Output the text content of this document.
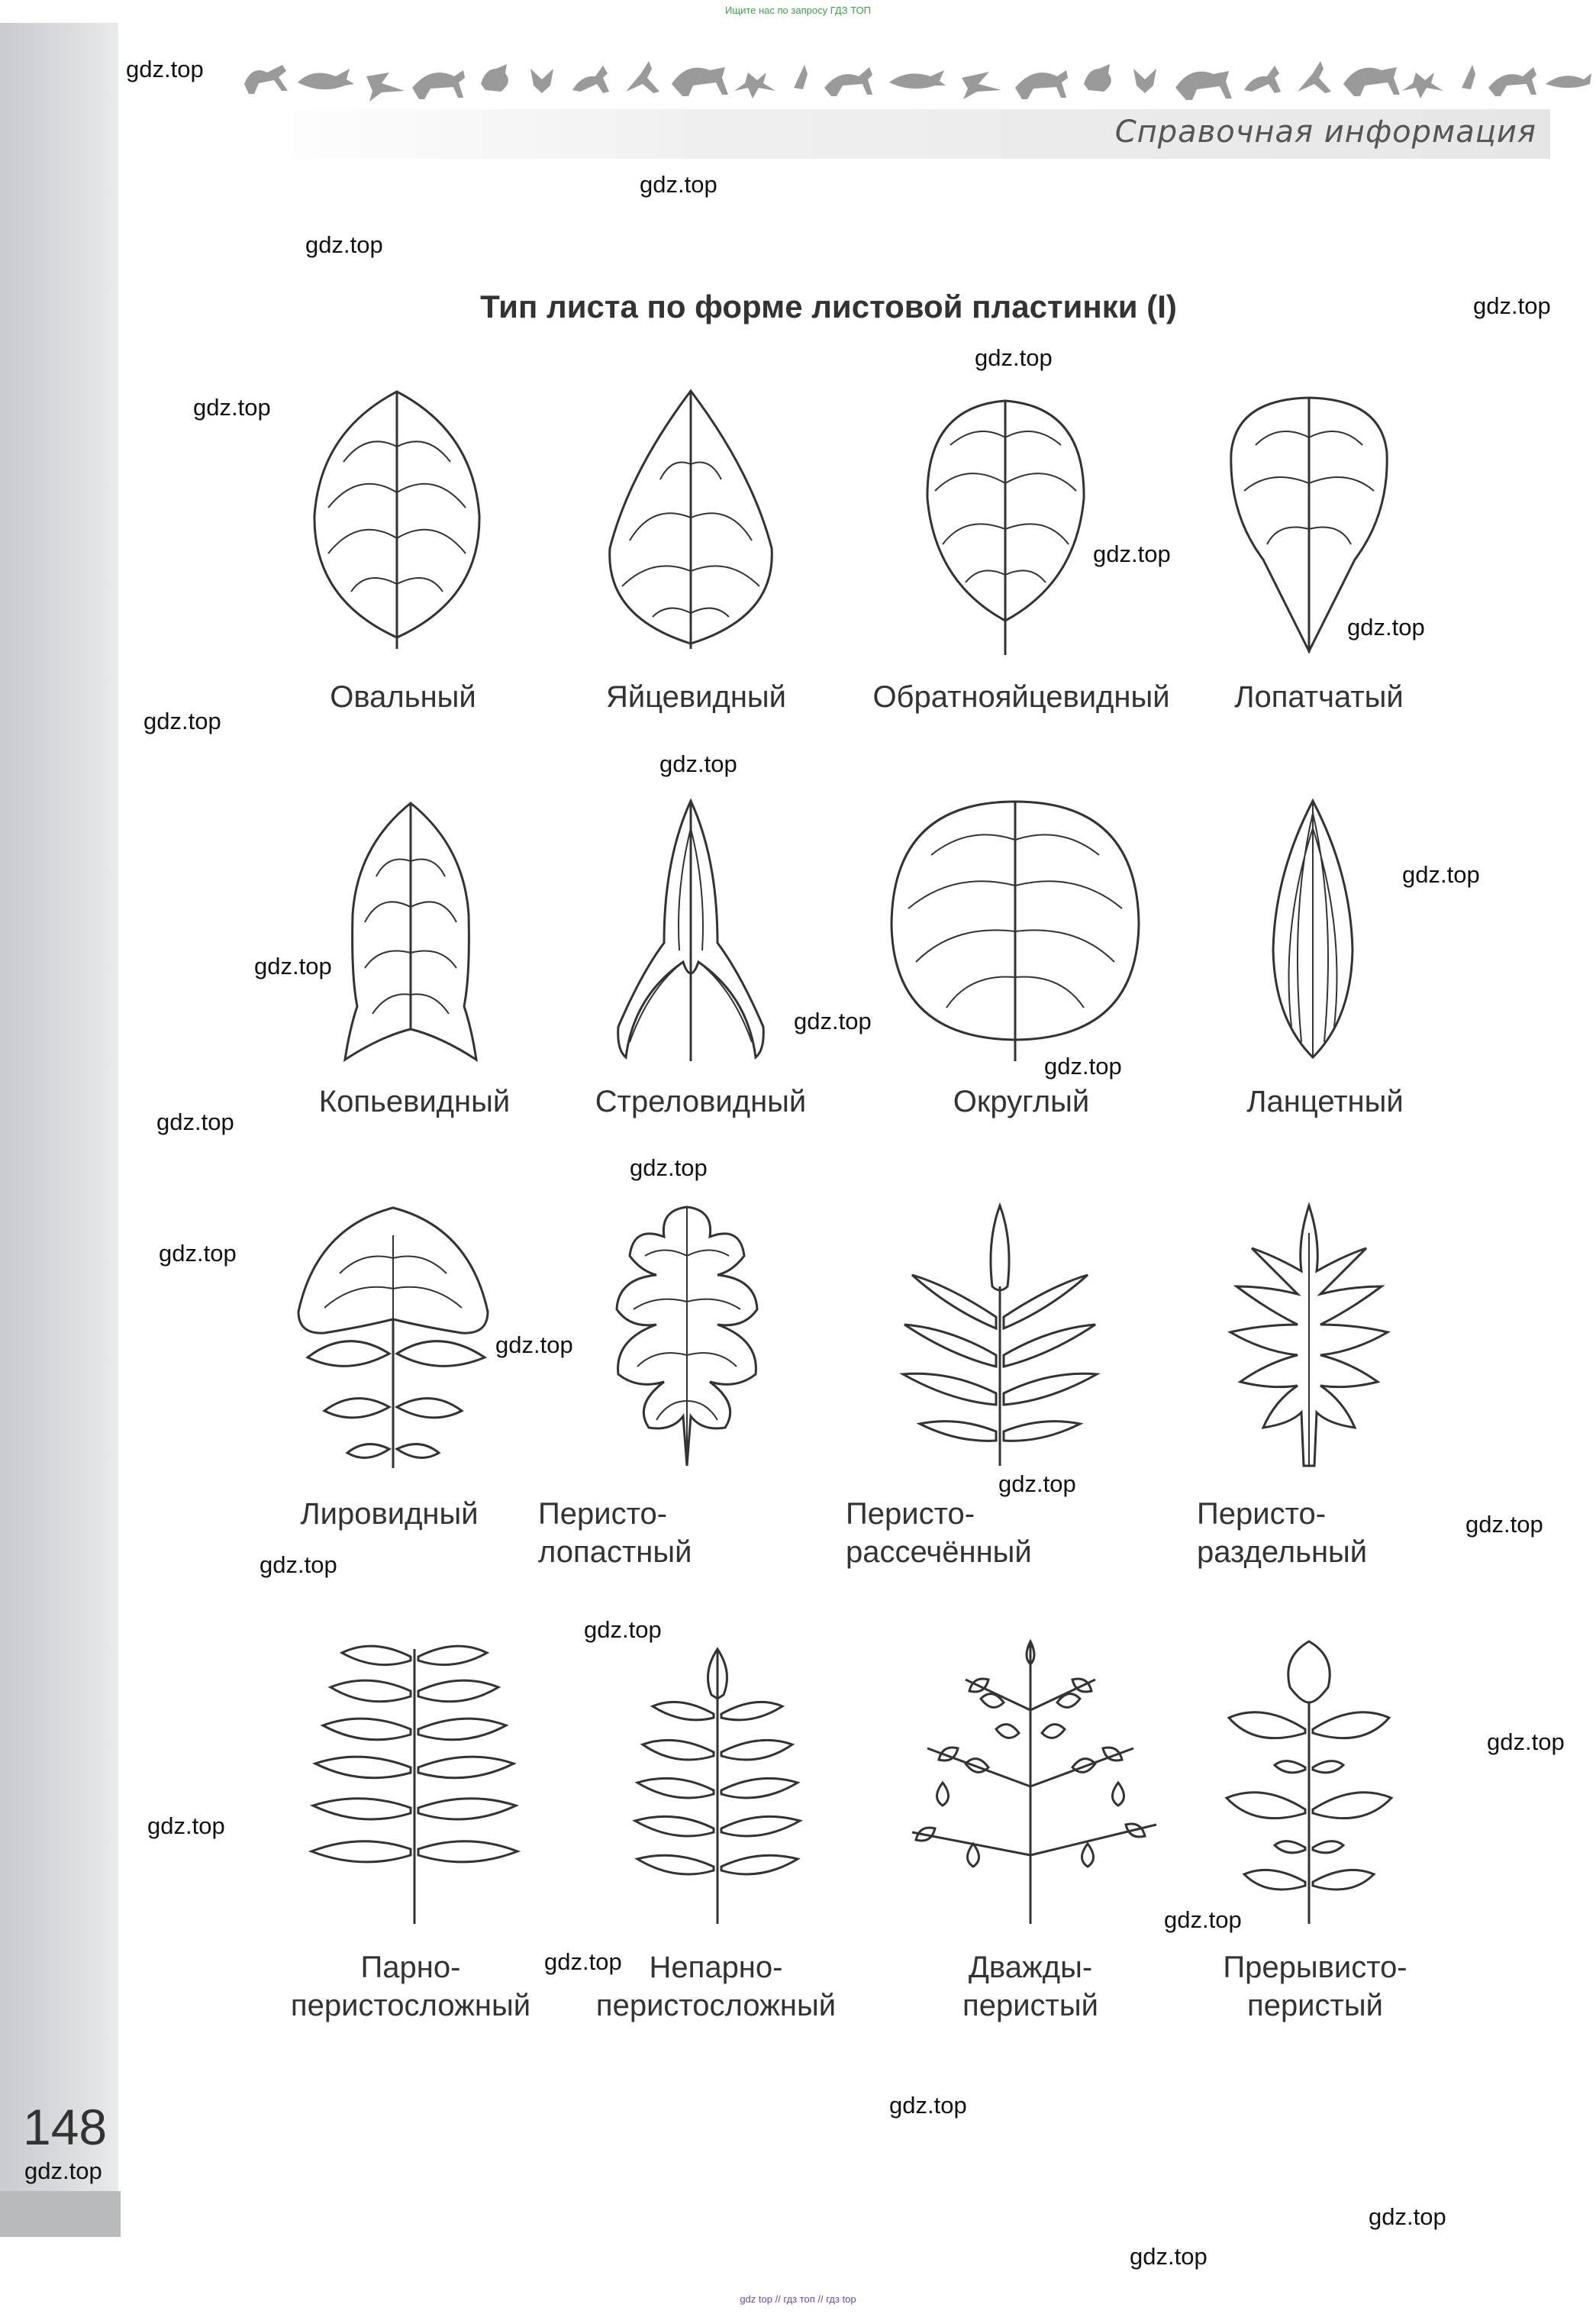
Ищите нас по запросу ГДЗ ТОП
Справочная информация
Тип листа по форме листовой пластинки (I)
Овальный	Яйцевидный	Обратнояйцевидный Лопатчатый
Копьевидный	Стреловидный	Округлый	Ланцетный
Лировидный Перисто-
лопастный
Перисто-
рассечённый
Перисто-
раздельный
Парно-
перистосложный
Непарно-
перистосложный
Дважды-
перистый
Прерывисто-
перистый
148
gdz.top
gdz.top
gdz.top
gdz.top
gdz.top
gdz.top
gdz.top
gdz.top
gdz.top
gdz.top
gdz.top
gdz.top
gdz.top
gdz.top
gdz.top
gdz.top
gdz.top
gdz.top
gdz.top
gdz.top
gdz.top
gdz.top
gdz.top
gdz.top
gdz.top
gdz.top
gdz.top
gdz.top
gdz.top
gdz.top
gdz top // гдз топ // гдз top
